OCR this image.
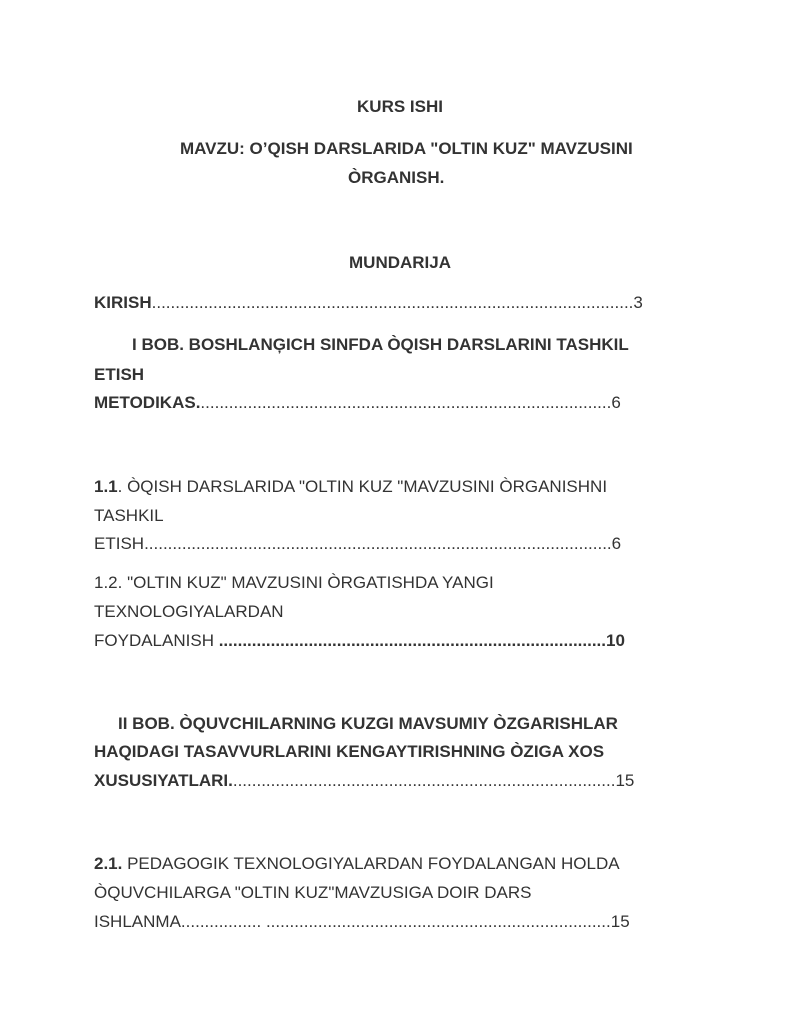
KURS ISHI
MAVZU: O’QISH DARSLARIDA "OLTIN KUZ" MAVZUSINI
ÒRGANISH.
MUNDARIJA
KIRISH......................................................................................................3
I BOB. BOSHLANĢICH SINFDA ÒQISH DARSLARINI TASHKIL
ETISH
METODIKAS........................................................................................6
1.1. ÒQISH DARSLARIDA "OLTIN KUZ "MAVZUSINI ÒRGANISHNI
TASHKIL
ETISH...................................................................................................6
1.2. "OLTIN KUZ" MAVZUSINI ÒRGATISHDA YANGI
TEXNOLOGIYALARDAN
FOYDALANISH ..................................................................................10
II BOB. ÒQUVCHILARNING KUZGI MAVSUMIY ÒZGARISHLAR
HAQIDAGI TASAVVURLARINI KENGAYTIRISHNING ÒZIGA XOS
XUSUSIYATLARI..................................................................................15
2.1. PEDAGOGIK TEXNOLOGIYALARDAN FOYDALANGAN HOLDA
ÒQUVCHILARGA "OLTIN KUZ"MAVZUSIGA DOIR DARS
ISHLANMA................. .........................................................................15
